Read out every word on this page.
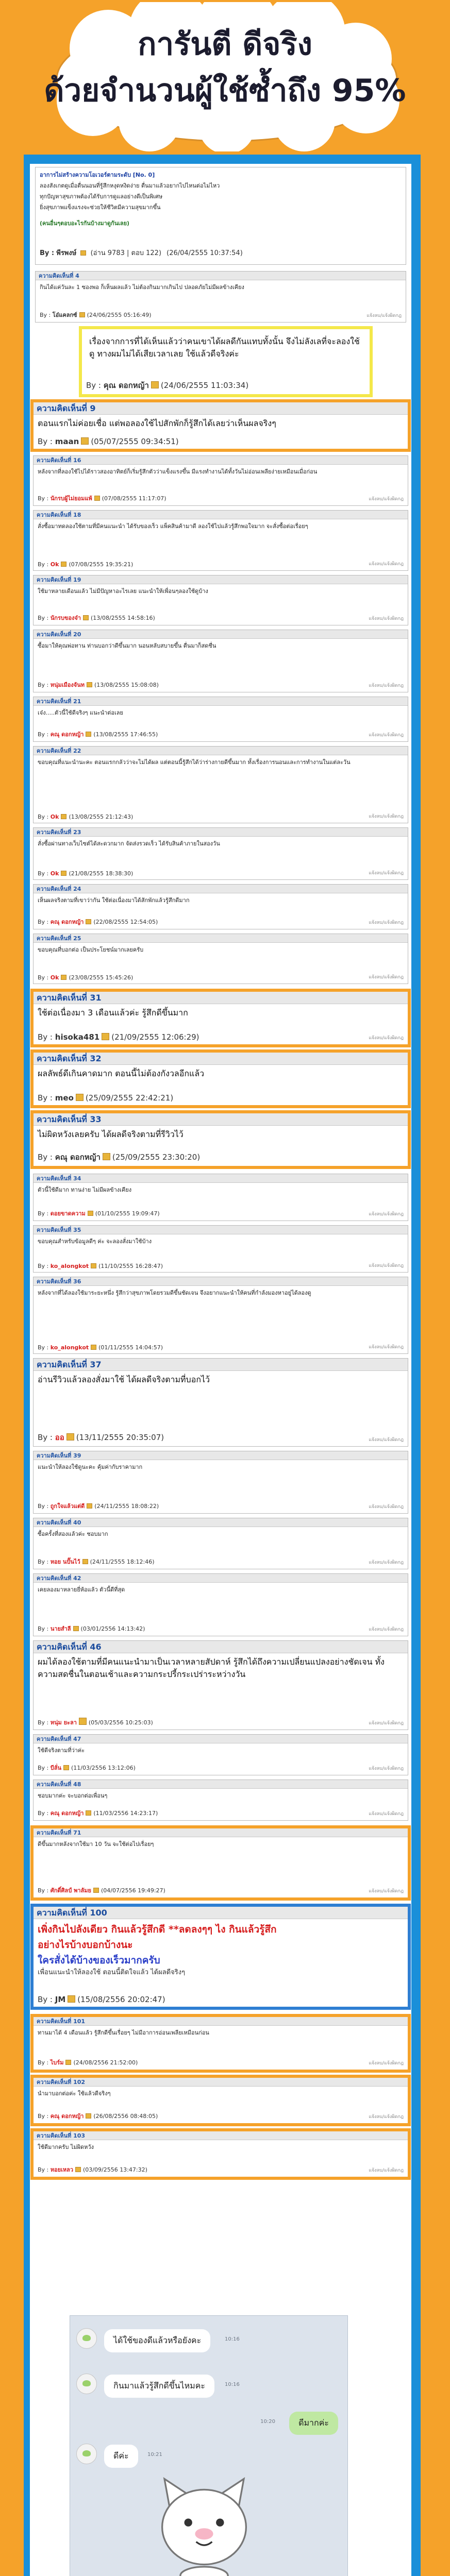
การันตี ดีจริง
ด้วยจำนวนผู้ใช้ซ้ำถึง 95%
อาการไม่สร้างความโอเวอร์ตามระดับ [No. 0]
ลองสังเกตดูเมื่อตื่นนอนที่รู้สึกหงุดหงิดง่าย ตื่นมาแล้วอยากไปไหนต่อไม่ไหว
ทุกปัญหาสุขภาพต้องได้รับการดูแลอย่างดีเป็นพิเศษ
ยิ่งสุขภาพแข็งแรงจะช่วยให้ชีวิตมีความสุขมากขึ้น
(คนอื่นๆตอบอะไรกันบ้างมาดูกันเลย)
By : พีรพงษ์ (อ่าน 9783 | ตอบ 122) (26/04/2555 10:37:54)
ความคิดเห็นที่ 4
กินได้แค่วันละ 1 ซองพอ ก็เห็นผลแล้ว ไม่ต้องกินมากเกินไป ปลอดภัยไม่มีผลข้างเคียง
By : โอ๋แคลกซ์ (24/06/2555 05:16:49)	แจ้งลบ/แจ้งผิดกฎ
เรื่องจากการที่ได้เห็นแล้วว่าคนเขาได้ผลดีกันแทบทั้งนั้น จึงไม่ลังเลที่จะลองใช้ดู ทางผมไม่ได้เสียเวลาเลย ใช้แล้วดีจริงค่ะ
By : คุณ ดอกหญ้า (24/06/2555 11:03:34)
ความคิดเห็นที่ 9
ตอนแรกไม่ค่อยเชื่อ แต่พอลองใช้ไปสักพักก็รู้สึกได้เลยว่าเห็นผลจริงๆ
By : maan (05/07/2555 09:34:51)
ความคิดเห็นที่ 16
หลังจากที่ลองใช้ไปได้ราวสองอาทิตย์ก็เริ่มรู้สึกตัวว่าแข็งแรงขึ้น มีแรงทำงานได้ทั้งวันไม่อ่อนเพลียง่ายเหมือนเมื่อก่อน
By : นักรบผู้ไม่ยอมแพ้ (07/08/2555 11:17:07)	แจ้งลบ/แจ้งผิดกฎ
ความคิดเห็นที่ 18
สั่งซื้อมาทดลองใช้ตามที่มีคนแนะนำ ได้รับของเร็ว แพ็คสินค้ามาดี ลองใช้ไปแล้วรู้สึกพอใจมาก จะสั่งซื้อต่อเรื่อยๆ
By : Ok (07/08/2555 19:35:21)	แจ้งลบ/แจ้งผิดกฎ
ความคิดเห็นที่ 19
ใช้มาหลายเดือนแล้ว ไม่มีปัญหาอะไรเลย แนะนำให้เพื่อนๆลองใช้ดูบ้าง
By : นักรบของจ๋า (13/08/2555 14:58:16)	แจ้งลบ/แจ้งผิดกฎ
ความคิดเห็นที่ 20
ซื้อมาให้คุณพ่อทาน ท่านบอกว่าดีขึ้นมาก นอนหลับสบายขึ้น ตื่นมาก็สดชื่น
By : หนุ่มเมืองจันท (13/08/2555 15:08:08)	แจ้งลบ/แจ้งผิดกฎ
ความคิดเห็นที่ 21
เจ๋ง.....ตัวนี้ใช้ดีจริงๆ แนะนำต่อเลย
By : คณุ ดอกหญ้า (13/08/2555 17:46:55)	แจ้งลบ/แจ้งผิดกฎ
ความคิดเห็นที่ 22
ขอบคุณที่แนะนำนะคะ ตอนแรกกลัวว่าจะไม่ได้ผล แต่ตอนนี้รู้สึกได้ว่าร่างกายดีขึ้นมาก ทั้งเรื่องการนอนและการทำงานในแต่ละวัน
By : Ok (13/08/2555 21:12:43)	แจ้งลบ/แจ้งผิดกฎ
ความคิดเห็นที่ 23
สั่งซื้อผ่านทางเว็บไซต์ได้สะดวกมาก จัดส่งรวดเร็ว ได้รับสินค้าภายในสองวัน
By : Ok (21/08/2555 18:38:30)	แจ้งลบ/แจ้งผิดกฎ
ความคิดเห็นที่ 24
เห็นผลจริงตามที่เขาว่ากัน ใช้ต่อเนื่องมาได้สักพักแล้วรู้สึกดีมาก
By : คณุ ดอกหญ้า (22/08/2555 12:54:05)	แจ้งลบ/แจ้งผิดกฎ
ความคิดเห็นที่ 25
ขอบคุณที่บอกต่อ เป็นประโยชน์มากเลยครับ
By : Ok (23/08/2555 15:45:26)	แจ้งลบ/แจ้งผิดกฎ
ความคิดเห็นที่ 31
ใช้ต่อเนื่องมา 3 เดือนแล้วค่ะ รู้สึกดีขึ้นมาก
By : hisoka481 (21/09/2555 12:06:29)	แจ้งลบ/แจ้งผิดกฎ
ความคิดเห็นที่ 32
ผลลัพธ์ดีเกินคาดมาก ตอนนี้ไม่ต้องกังวลอีกแล้ว
By : meo (25/09/2555 22:42:21)
ความคิดเห็นที่ 33
ไม่ผิดหวังเลยครับ ได้ผลดีจริงตามที่รีวิวไว้
By : คณุ ดอกหญ้า (25/09/2555 23:30:20)
ความคิดเห็นที่ 34
ตัวนี้ใช้ดีมาก ทานง่าย ไม่มีผลข้างเคียง
By : ดอยขาดความ (01/10/2555 19:09:47)	แจ้งลบ/แจ้งผิดกฎ
ความคิดเห็นที่ 35
ขอบคุณสำหรับข้อมูลดีๆ ค่ะ จะลองสั่งมาใช้บ้าง
By : ko_alongkot (11/10/2555 16:28:47)	แจ้งลบ/แจ้งผิดกฎ
ความคิดเห็นที่ 36
หลังจากที่ได้ลองใช้มาระยะหนึ่ง รู้สึกว่าสุขภาพโดยรวมดีขึ้นชัดเจน จึงอยากแนะนำให้คนที่กำลังมองหาอยู่ได้ลองดู
By : ko_alongkot (01/11/2555 14:04:57)	แจ้งลบ/แจ้งผิดกฎ
ความคิดเห็นที่ 37
อ่านรีวิวแล้วลองสั่งมาใช้ ได้ผลดีจริงตามที่บอกไว้
By : ออ (13/11/2555 20:35:07)	แจ้งลบ/แจ้งผิดกฎ
ความคิดเห็นที่ 39
แนะนำให้ลองใช้ดูนะคะ คุ้มค่ากับราคามาก
By : ถูกใจแล้วแต่ดี (24/11/2555 18:08:22)	แจ้งลบ/แจ้งผิดกฎ
ความคิดเห็นที่ 40
ซื้อครั้งที่สองแล้วค่ะ ชอบมาก
By : หอย นปั๊นไว้ (24/11/2555 18:12:46)	แจ้งลบ/แจ้งผิดกฎ
ความคิดเห็นที่ 42
เคยลองมาหลายยี่ห้อแล้ว ตัวนี้ดีที่สุด
By : นายสำลี (03/01/2556 14:13:42)	แจ้งลบ/แจ้งผิดกฎ
ความคิดเห็นที่ 46
ผมได้ลองใช้ตามที่มีคนแนะนำมาเป็นเวลาหลายสัปดาห์ รู้สึกได้ถึงความเปลี่ยนแปลงอย่างชัดเจน ทั้งความสดชื่นในตอนเช้าและความกระปรี้กระเปร่าระหว่างวัน
By : หนุ่ม ยะลา (05/03/2556 10:25:03)	แจ้งลบ/แจ้งผิดกฎ
ความคิดเห็นที่ 47
ใช้ดีจริงตามที่ว่าค่ะ
By : บีลั่น (11/03/2556 13:12:06)	แจ้งลบ/แจ้งผิดกฎ
ความคิดเห็นที่ 48
ชอบมากค่ะ จะบอกต่อเพื่อนๆ
By : คณุ ดอกหญ้า (11/03/2556 14:23:17)	แจ้งลบ/แจ้งผิดกฎ
ความคิดเห็นที่ 71
ดีขึ้นมากหลังจากใช้มา 10 วัน จะใช้ต่อไปเรื่อยๆ
By : ศักดิ์ศิลป์ พาลัมย (04/07/2556 19:49:27)	แจ้งลบ/แจ้งผิดกฎ
ความคิดเห็นที่ 100
เพิ่งกินไปลังเดียว กินแล้วรู้สึกดี **ลดลงๆๆ ไง กินแล้วรู้สึก
อย่างไรบ้างบอกบ้างนะ
ใครสั่งได้บ้างของเร็วมากครับ
เพื่อนแนะนำให้ลองใช้ ตอนนี้ติดใจแล้ว ได้ผลดีจริงๆ
By : JM (15/08/2556 20:02:47)
ความคิดเห็นที่ 101
ทานมาได้ 4 เดือนแล้ว รู้สึกดีขึ้นเรื่อยๆ ไม่มีอาการอ่อนเพลียเหมือนก่อน
By : ไบร์ม (24/08/2556 21:52:00)	แจ้งลบ/แจ้งผิดกฎ
ความคิดเห็นที่ 102
นำมาบอกต่อค่ะ ใช้แล้วดีจริงๆ
By : คณุ ดอกหญ้า (26/08/2556 08:48:05)	แจ้งลบ/แจ้งผิดกฎ
ความคิดเห็นที่ 103
ใช้ดีมากครับ ไม่ผิดหวัง
By : หอยเหลว (03/09/2556 13:47:32)	แจ้งลบ/แจ้งผิดกฎ
ได้ใช้ของดีแล้วหรือยังคะ	10:16
กินมาแล้วรู้สึกดีขึ้นไหมคะ	10:16
ดีมากค่ะ
10:20
ดีค่ะ	10:21
